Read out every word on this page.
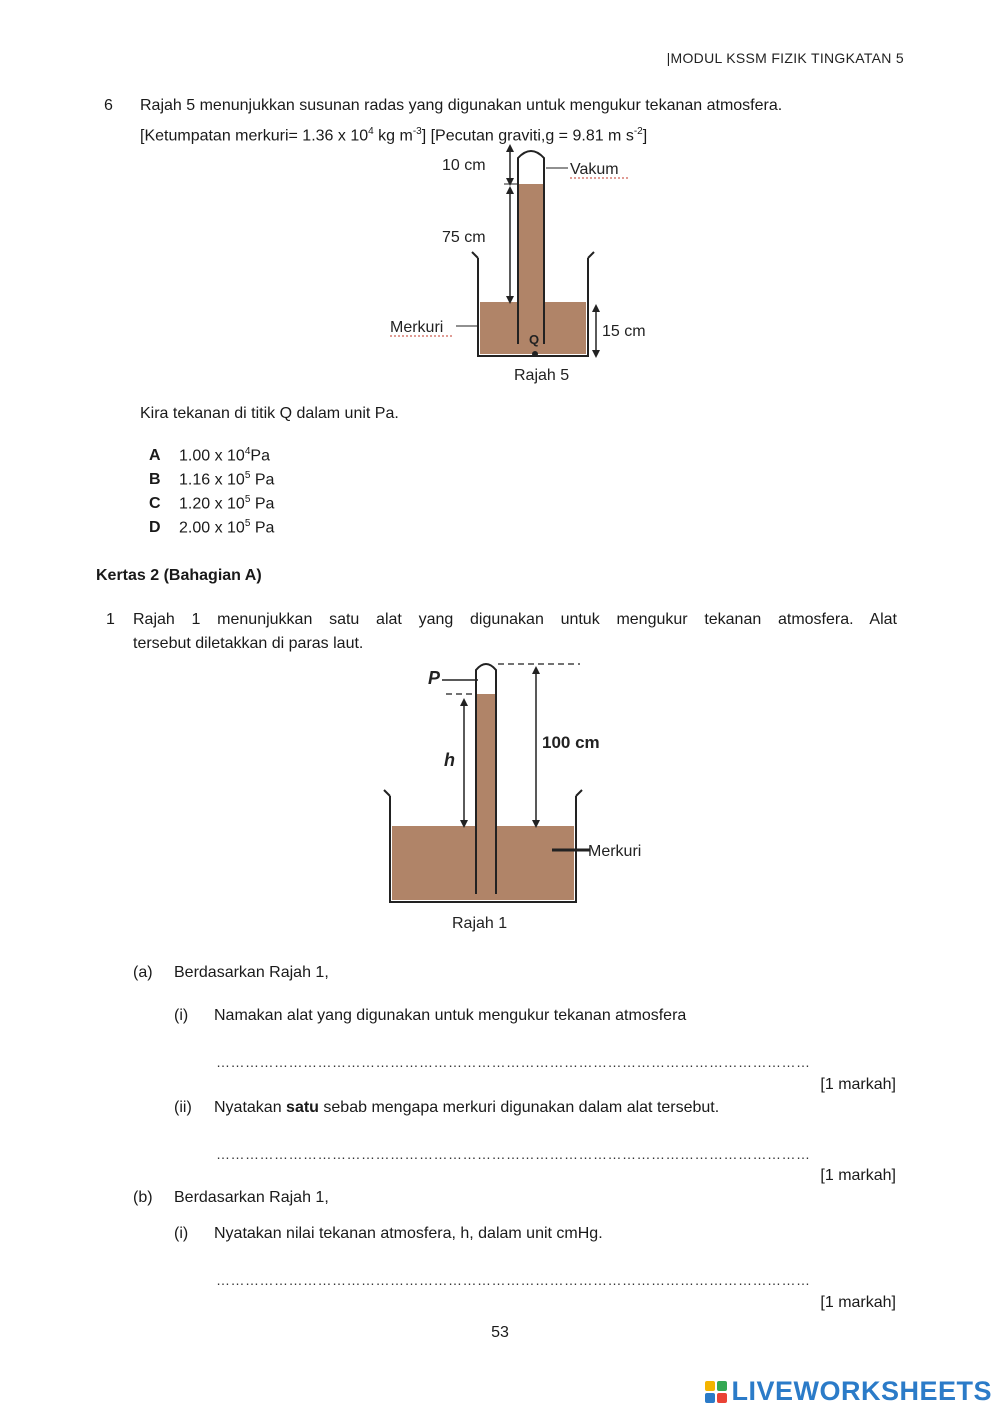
|MODUL KSSM FIZIK TINGKATAN 5
6 Rajah 5 menunjukkan susunan radas yang digunakan untuk mengukur tekanan atmosfera.
[Ketumpatan merkuri= 1.36 x $10^4$ kg $m^{-3}$] [Pecutan graviti,g = 9.81 m $s^{-2}$]
10 cm	Vakum
75 cm
Merkuri
Q	15 cm
Rajah 5
Kira tekanan di titik Q dalam unit Pa.
A 1.00 x $10^4Pa$
B 1.16 x $10^5$ Pa
C 1.20 x $10^5$ Pa
D 2.00 x $10^5$ Pa
Kertas 2 (Bahagian A)
1 Rajah 1 menunjukkan satu alat yang digunakan untuk mengukur tekanan atmosfera. Alat
tersebut diletakkan di paras laut.
P
100 cm
h
Merkuri
Rajah 1
(a) Berdasarkan Rajah 1,
(i) Namakan alat yang digunakan untuk mengukur tekanan atmosfera
……………………………………………………………………………………………………………
[1 markah]
(ii) Nyatakan satu sebab mengapa merkuri digunakan dalam alat tersebut.
……………………………………………………………………………………………………………
[1 markah]
(b) Berdasarkan Rajah 1,
(i) Nyatakan nilai tekanan atmosfera, h, dalam unit cmHg.
……………………………………………………………………………………………………………
[1 markah]
53
LIVEWORKSHEETS
